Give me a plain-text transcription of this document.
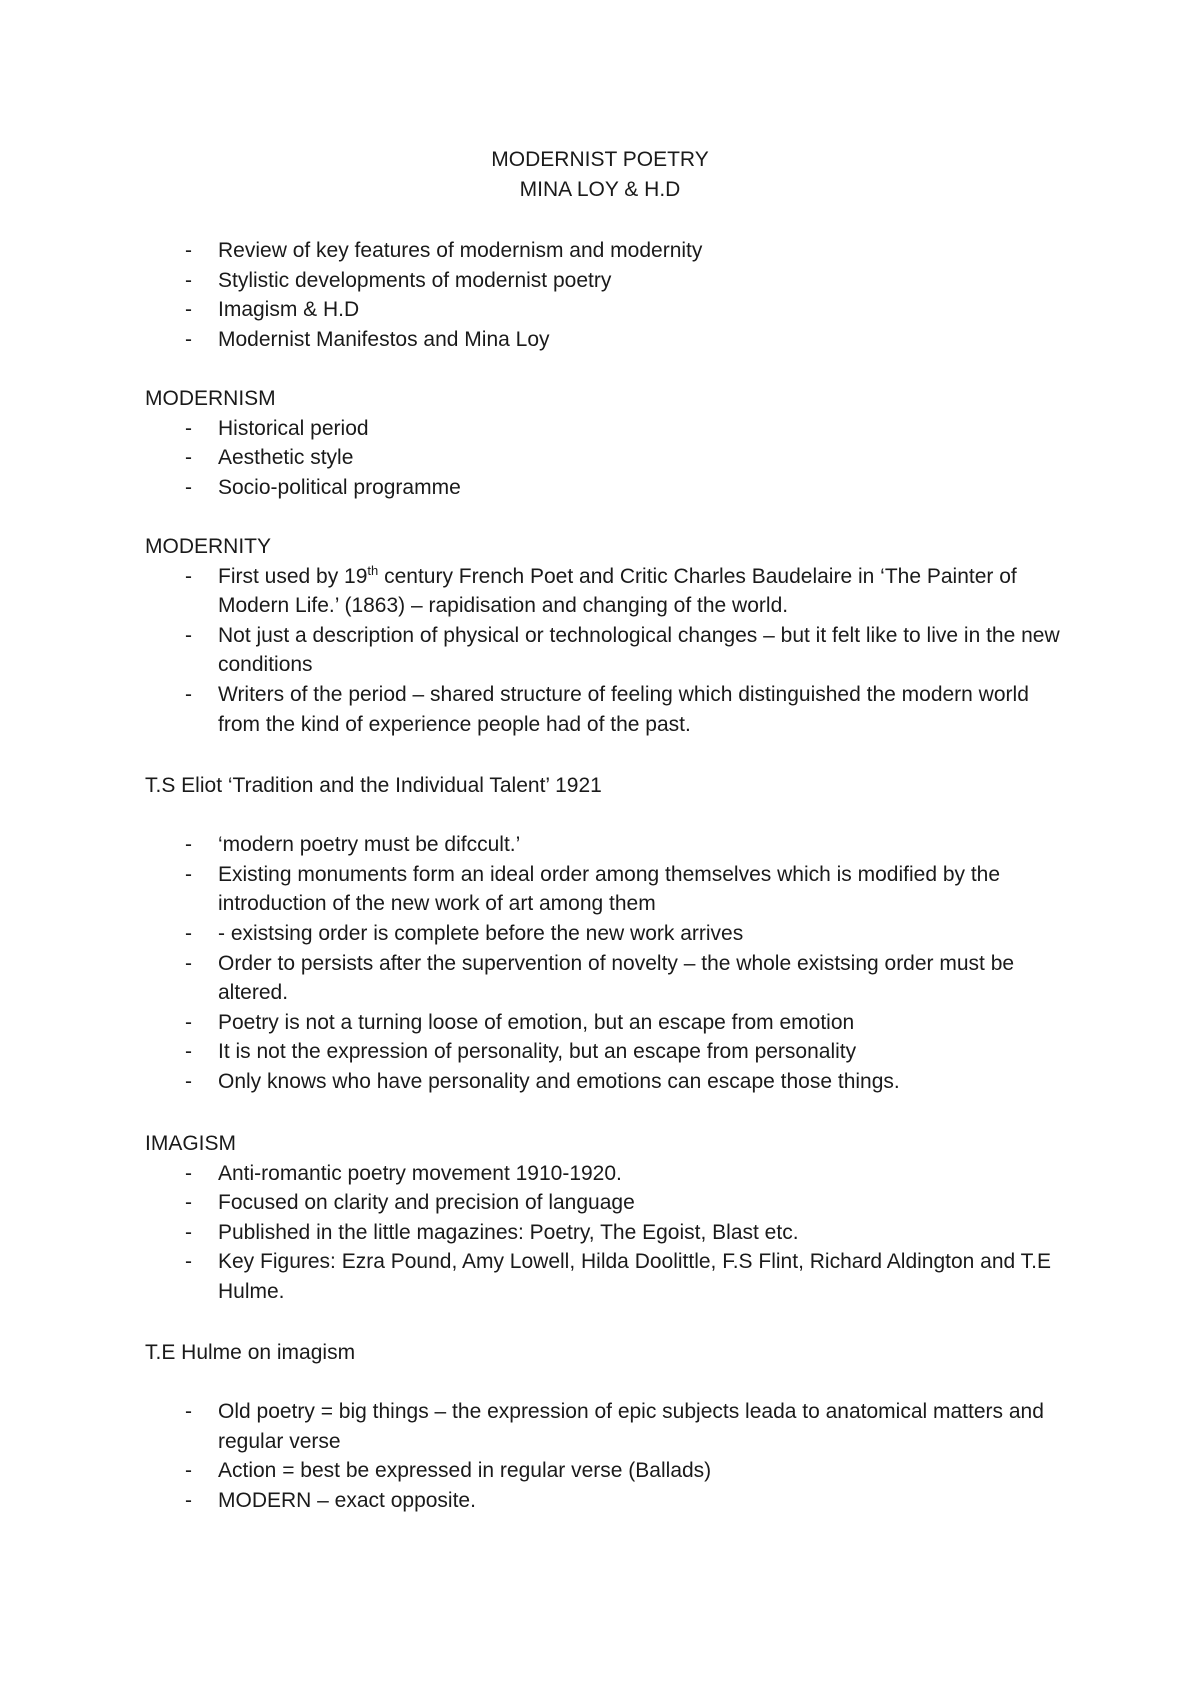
MODERNIST POETRY
MINA LOY & H.D
- Review of key features of modernism and modernity
- Stylistic developments of modernist poetry
- Imagism & H.D
- Modernist Manifestos and Mina Loy
MODERNISM
- Historical period
- Aesthetic style
- Socio-political programme
MODERNITY
- First used by 19th century French Poet and Critic Charles Baudelaire in ‘The Painter of Modern Life.’ (1863) – rapidisation and changing of the world.
- Not just a description of physical or technological changes – but it felt like to live in the new conditions
- Writers of the period – shared structure of feeling which distinguished the modern world from the kind of experience people had of the past.
T.S Eliot ‘Tradition and the Individual Talent’ 1921
- ‘modern poetry must be difccult.’
- Existing monuments form an ideal order among themselves which is modified by the introduction of the new work of art among them
- - existsing order is complete before the new work arrives
- Order to persists after the supervention of novelty – the whole existsing order must be altered.
- Poetry is not a turning loose of emotion, but an escape from emotion
- It is not the expression of personality, but an escape from personality
- Only knows who have personality and emotions can escape those things.
IMAGISM
- Anti-romantic poetry movement 1910-1920.
- Focused on clarity and precision of language
- Published in the little magazines: Poetry, The Egoist, Blast etc.
- Key Figures: Ezra Pound, Amy Lowell, Hilda Doolittle, F.S Flint, Richard Aldington and T.E Hulme.
T.E Hulme on imagism
- Old poetry = big things – the expression of epic subjects leada to anatomical matters and regular verse
- Action = best be expressed in regular verse (Ballads)
- MODERN – exact opposite.
